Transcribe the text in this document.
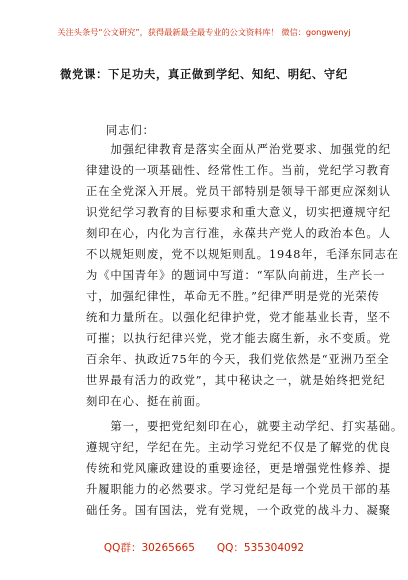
关注头条号“公文研究”，获得最新最全最专业的公文资料库！ 微信：gongwenyj
微党课：下足功夫，真正做到学纪、知纪、明纪、守纪
同志们：
　　加强纪律教育是落实全面从严治党要求、加强党的纪
律建设的一项基础性、经常性工作。当前，党纪学习教育
正在全党深入开展。党员干部特别是领导干部更应深刻认
识党纪学习教育的目标要求和重大意义，切实把遵规守纪
刻印在心，内化为言行准，永葆共产党人的政治本色。人
不以规矩则废，党不以规矩则乱。1948年，毛泽东同志在
为《中国青年》的题词中写道：“军队向前进，生产长一
寸，加强纪律性，革命无不胜。”纪律严明是党的光荣传
统和力量所在。以强化纪律护党，党才能基业长青，坚不
可摧；以执行纪律兴党，党才能去腐生新，永不变质。党
百余年、执政近75年的今天，我们党依然是“亚洲乃至全
世界最有活力的政党”，其中秘诀之一，就是始终把党纪
刻印在心、挺在前面。
　　第一，要把党纪刻印在心，就要主动学纪、打实基础。
遵规守纪，学纪在先。主动学习党纪不仅是了解党的优良
传统和党风廉政建设的重要途径，更是增强党性修养、提
升履职能力的必然要求。学习党纪是每一个党员干部的基
础任务。国有国法，党有党规，一个政党的战斗力、凝聚
QQ群：30265665 QQ：535304092
